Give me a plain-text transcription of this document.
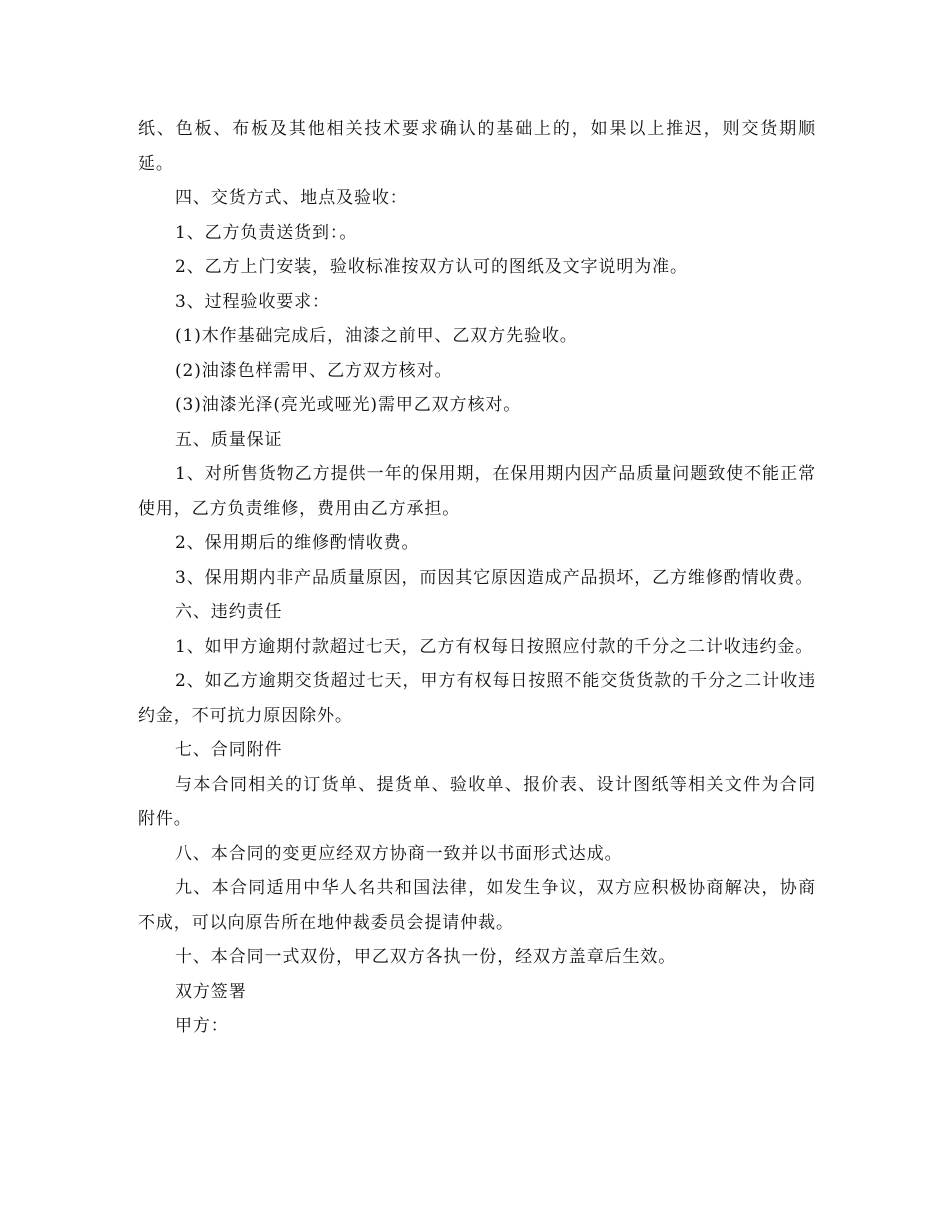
纸、色板、布板及其他相关技术要求确认的基础上的，如果以上推迟，则交货期顺延。

四、交货方式、地点及验收：

1、乙方负责送货到：。

2、乙方上门安装，验收标准按双方认可的图纸及文字说明为准。

3、过程验收要求：

(1)木作基础完成后，油漆之前甲、乙双方先验收。

(2)油漆色样需甲、乙方双方核对。

(3)油漆光泽(亮光或哑光)需甲乙双方核对。

五、质量保证

1、对所售货物乙方提供一年的保用期，在保用期内因产品质量问题致使不能正常使用，乙方负责维修，费用由乙方承担。

2、保用期后的维修酌情收费。

3、保用期内非产品质量原因，而因其它原因造成产品损坏，乙方维修酌情收费。

六、违约责任

1、如甲方逾期付款超过七天，乙方有权每日按照应付款的千分之二计收违约金。

2、如乙方逾期交货超过七天，甲方有权每日按照不能交货货款的千分之二计收违约金，不可抗力原因除外。

七、合同附件

与本合同相关的订货单、提货单、验收单、报价表、设计图纸等相关文件为合同附件。

八、本合同的变更应经双方协商一致并以书面形式达成。

九、本合同适用中华人名共和国法律，如发生争议，双方应积极协商解决，协商不成，可以向原告所在地仲裁委员会提请仲裁。

十、本合同一式双份，甲乙双方各执一份，经双方盖章后生效。

双方签署

甲方：
